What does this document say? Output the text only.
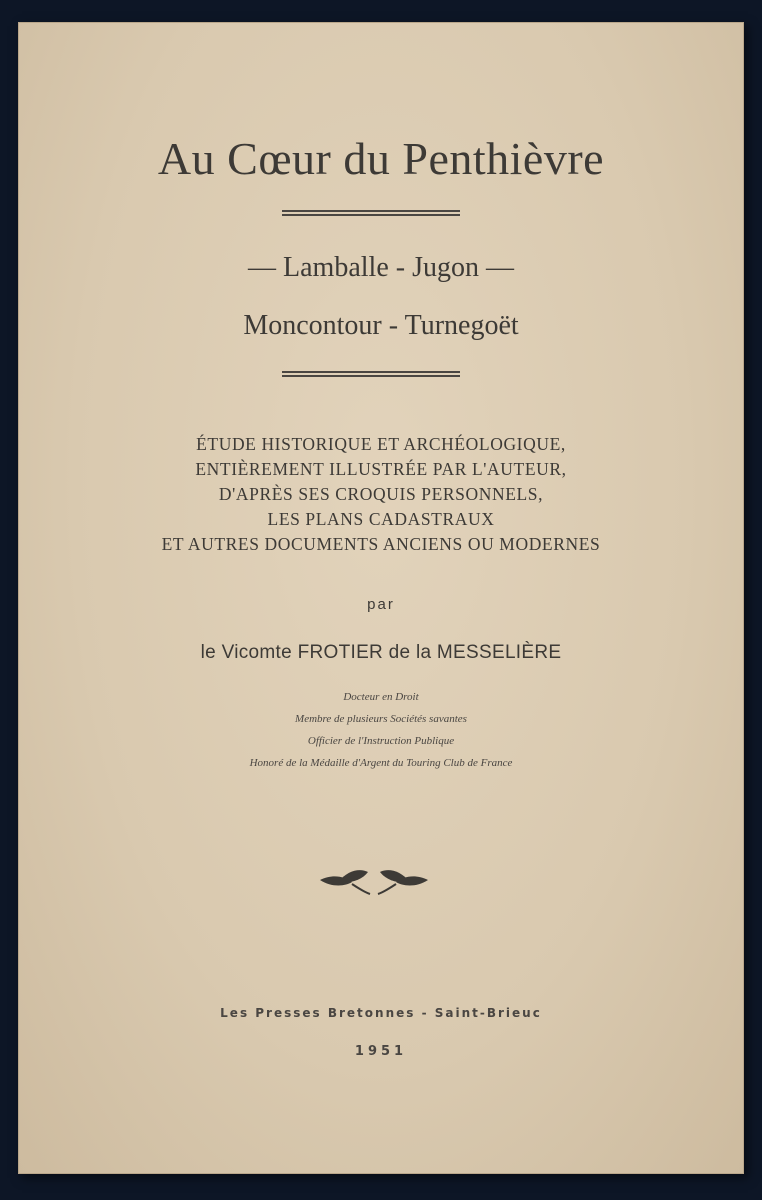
Au Cœur du Penthièvre
— Lamballe - Jugon —
Moncontour - Turnegoët
ÉTUDE HISTORIQUE ET ARCHÉOLOGIQUE,
ENTIÈREMENT ILLUSTRÉE PAR L'AUTEUR,
D'APRÈS SES CROQUIS PERSONNELS,
LES PLANS CADASTRAUX
ET AUTRES DOCUMENTS ANCIENS OU MODERNES
par
le Vicomte FROTIER de la MESSELIÈRE
Docteur en Droit
Membre de plusieurs Sociétés savantes
Officier de l'Instruction Publique
Honoré de la Médaille d'Argent du Touring Club de France
Les Presses Bretonnes - Saint-Brieuc
1951
